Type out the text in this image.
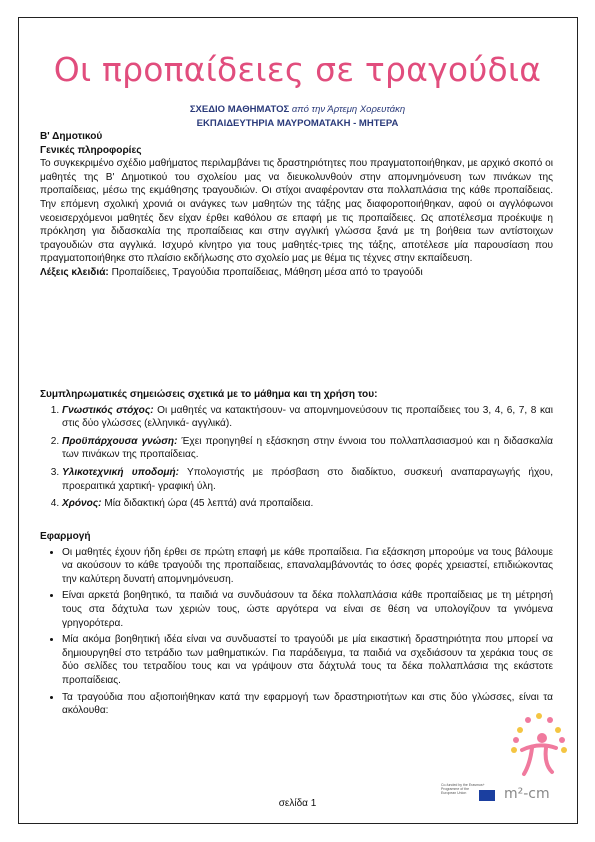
Οι προπαίδειες σε τραγούδια
ΣΧΕΔΙΟ ΜΑΘΗΜΑΤΟΣ από την Άρτεμη Χορευτάκη
ΕΚΠΑΙΔΕΥΤΗΡΙΑ ΜΑΥΡΟΜΑΤΑΚΗ - ΜΗΤΕΡΑ
Β' Δημοτικού
Γενικές πληροφορίες
Το συγκεκριμένο σχέδιο μαθήματος περιλαμβάνει τις δραστηριότητες που πραγματοποιήθηκαν, με αρχικό σκοπό οι μαθητές της Β' Δημοτικού του σχολείου μας να διευκολυνθούν στην απομνημόνευση των πινάκων της προπαίδειας, μέσω της εκμάθησης τραγουδιών. Οι στίχοι αναφέρονταν στα πολλαπλάσια της κάθε προπαίδειας. Την επόμενη σχολική χρονιά οι ανάγκες των μαθητών της τάξης μας διαφοροποιήθηκαν, αφού οι αγγλόφωνοι νεοεισερχόμενοι μαθητές δεν είχαν έρθει καθόλου σε επαφή με τις προπαίδειες. Ως αποτέλεσμα προέκυψε η πρόκληση για διδασκαλία της προπαίδειας και στην αγγλική γλώσσα ξανά με τη βοήθεια των αντίστοιχων τραγουδιών στα αγγλικά. Ισχυρό κίνητρο για τους μαθητές-τριες της τάξης, αποτέλεσε μία παρουσίαση που πραγματοποιήθηκε στο πλαίσιο εκδήλωσης στο σχολείο μας με θέμα τις τέχνες στην εκπαίδευση.
Λέξεις κλειδιά: Προπαίδειες, Τραγούδια προπαίδειας, Μάθηση μέσα από το τραγούδι
Συμπληρωματικές σημειώσεις σχετικά με το μάθημα και τη χρήση του:
1. Γνωστικός στόχος: Οι μαθητές να κατακτήσουν- να απομνημονεύσουν τις προπαίδειες του 3, 4, 6, 7, 8 και στις δύο γλώσσες (ελληνικά- αγγλικά).
2. Προϋπάρχουσα γνώση: Έχει προηγηθεί η εξάσκηση στην έννοια του πολλαπλασιασμού και η διδασκαλία των πινάκων της προπαίδειας.
3. Υλικοτεχνική υποδομή: Υπολογιστής με πρόσβαση στο διαδίκτυο, συσκευή αναπαραγωγής ήχου, προεραιτικά χαρτική- γραφική ύλη.
4. Χρόνος: Μία διδακτική ώρα (45 λεπτά) ανά προπαίδεια.
Εφαρμογή
• Οι μαθητές έχουν ήδη έρθει σε πρώτη επαφή με κάθε προπαίδεια. Για εξάσκηση μπορούμε να τους βάλουμε να ακούσουν το κάθε τραγούδι της προπαίδειας, επαναλαμβάνοντάς το όσες φορές χρειαστεί, επιδιώκοντας την καλύτερη δυνατή απομνημόνευση.
• Είναι αρκετά βοηθητικό, τα παιδιά να συνδυάσουν τα δέκα πολλαπλάσια κάθε προπαίδειας με τη μέτρησή τους στα δάχτυλα των χεριών τους, ώστε αργότερα να είναι σε θέση να υπολογίζουν τα γινόμενα γρηγορότερα.
• Μία ακόμα βοηθητική ιδέα είναι να συνδυαστεί το τραγούδι με μία εικαστική δραστηριότητα που μπορεί να δημιουργηθεί στο τετράδιο των μαθηματικών. Για παράδειγμα, τα παιδιά να σχεδιάσουν τα χεράκια τους σε δύο σελίδες του τετραδίου τους και να γράψουν στα δάχτυλά τους τα δέκα πολλαπλάσια της εκάστοτε προπαίδειας.
• Τα τραγούδια που αξιοποιήθηκαν κατά την εφαρμογή των δραστηριοτήτων και στις δύο γλώσσες, είναι τα ακόλουθα:
Co-funded by the Erasmus+ Programme of the European Union	m²-cm
σελίδα 1
